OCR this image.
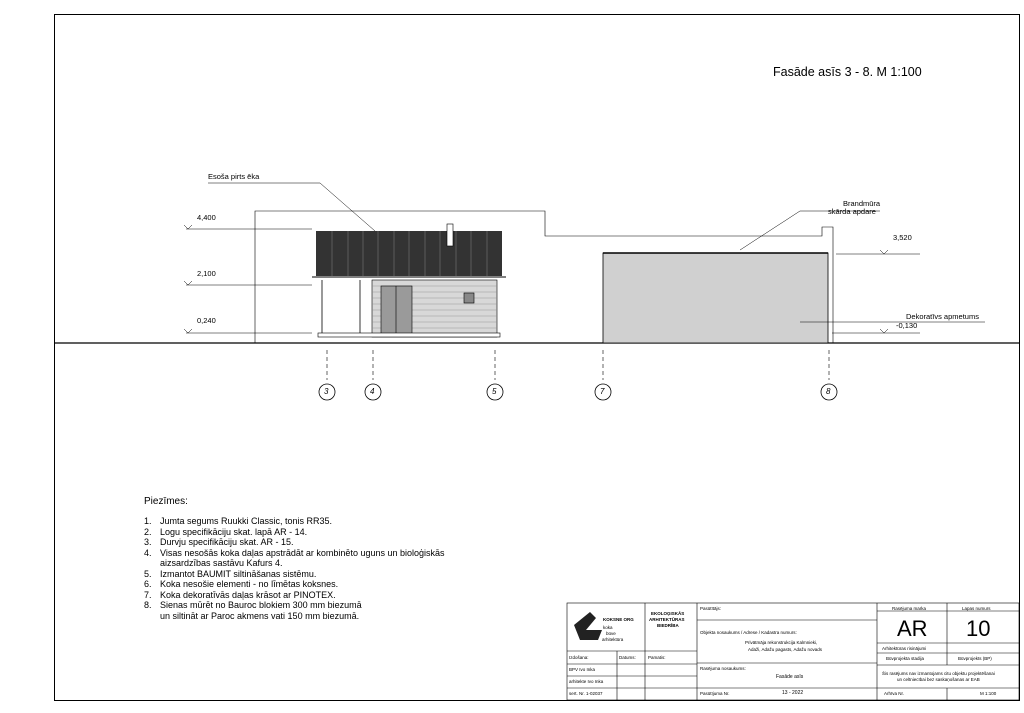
Fasāde asīs 3 - 8. M 1:100
Esoša pirts ēka
Brandmūra
skārda apdare
Dekoratīvs apmetums
4,400
2,100
0,240
3,520
-0,130
3	4	5	7	8
Piezīmes:
1. Jumta segums Ruukki Classic, tonis RR35.
2. Logu specifikāciju skat. lapā AR - 14.
3. Durvju specifikāciju skat. AR - 15.
4. Visas nesošās koka daļas apstrādāt ar kombinēto uguns un bioloģiskās
aizsardzības sastāvu Kafurs 4.
5. Izmantot BAUMIT siltināšanas sistēmu.
6. Koka nesošie elementi - no līmētas koksnes.
7. Koka dekoratīvās daļas krāsot ar PINOTEX.
8. Sienas mūrēt no Bauroc blokiem 300 mm biezumā
un siltināt ar Paroc akmens vati 150 mm biezumā.	KOKSNE ORG
koka
būve
arhitektūra
EKOLOĢISKĀS
ARHITEKTŪRAS
BIEDRĪBA
Pasūtītājs:
Objekta nosaukums / Adrese / Kadastra numurs:
Privātmāja rekonstrukcija Kalmnieki,
Adaži, Adažu pagasts, Adažu novads
Izdošana:	Datums:	Pamatis:
BPV Ivo Inka
arhitekte Ivo Inka
sert. Nr. 1-02037
Rasējuma nosaukums:
Fasāde asīs
Pasūtījuma Nr.	13 - 2022
Rasējuma marka
AR
Lapas numurs
10
Arhitektūras risinājumi
Būvprojekta stadija	Būvprojekts (BP)
Šis rasējums nav izmantojams citu objektu projektēšanai
un celtniecībai bez saskaņošanas ar EAB
Arhīva Nr.	M 1:100
